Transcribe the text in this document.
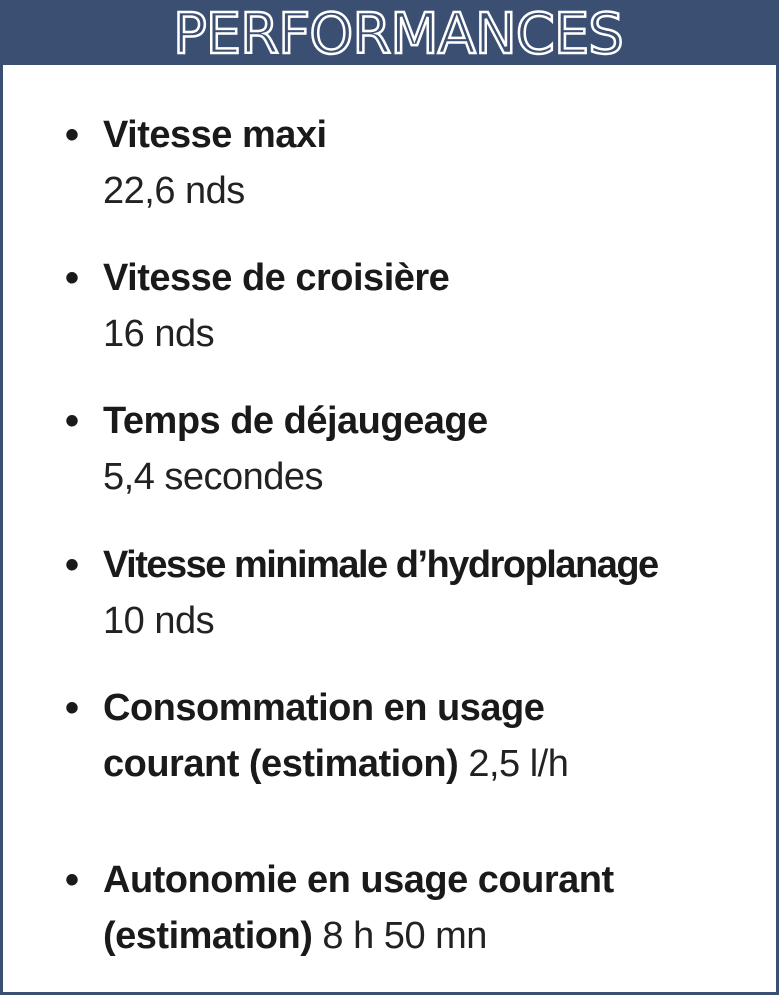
PERFORMANCES
• Vitesse maxi
22,6 nds
• Vitesse de croisière
16 nds
• Temps de déjaugeage
5,4 secondes
• Vitesse minimale d’hydroplanage
10 nds
• Consommation en usage
courant (estimation) 2,5 l/h
• Autonomie en usage courant
(estimation) 8 h 50 mn
